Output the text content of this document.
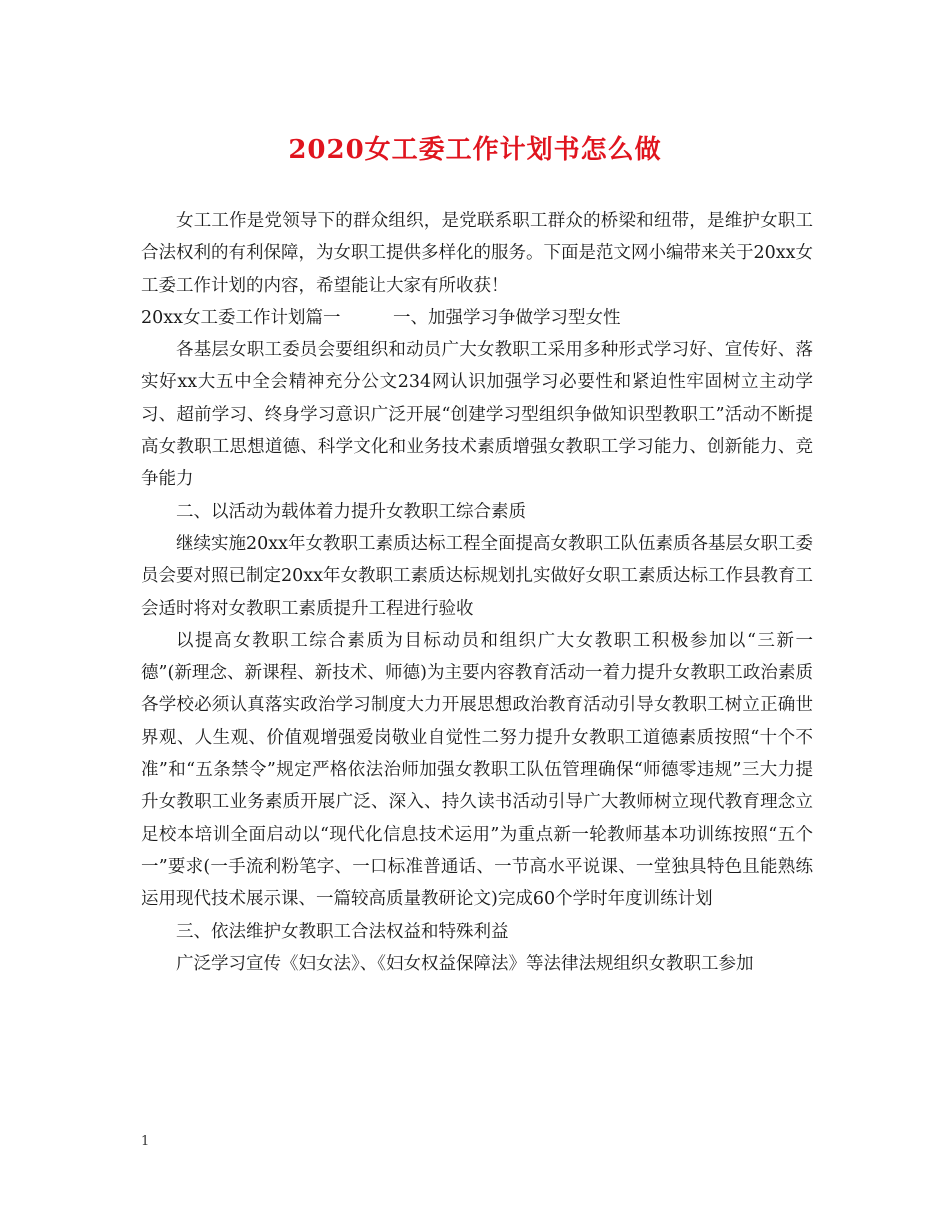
2020女工委工作计划书怎么做

女工工作是党领导下的群众组织，是党联系职工群众的桥梁和纽带，是维护女职工合法权利的有利保障，为女职工提供多样化的服务。下面是范文网小编带来关于20xx女工委工作计划的内容，希望能让大家有所收获！

20xx女工委工作计划篇一　　　一、加强学习争做学习型女性

各基层女职工委员会要组织和动员广大女教职工采用多种形式学习好、宣传好、落实好xx大五中全会精神充分公文234网认识加强学习必要性和紧迫性牢固树立主动学习、超前学习、终身学习意识广泛开展“创建学习型组织争做知识型教职工”活动不断提高女教职工思想道德、科学文化和业务技术素质增强女教职工学习能力、创新能力、竞争能力

二、以活动为载体着力提升女教职工综合素质

继续实施20xx年女教职工素质达标工程全面提高女教职工队伍素质各基层女职工委员会要对照已制定20xx年女教职工素质达标规划扎实做好女职工素质达标工作县教育工会适时将对女教职工素质提升工程进行验收

以提高女教职工综合素质为目标动员和组织广大女教职工积极参加以“三新一德”(新理念、新课程、新技术、师德)为主要内容教育活动一着力提升女教职工政治素质各学校必须认真落实政治学习制度大力开展思想政治教育活动引导女教职工树立正确世界观、人生观、价值观增强爱岗敬业自觉性二努力提升女教职工道德素质按照“十个不准”和“五条禁令”规定严格依法治师加强女教职工队伍管理确保“师德零违规”三大力提升女教职工业务素质开展广泛、深入、持久读书活动引导广大教师树立现代教育理念立足校本培训全面启动以“现代化信息技术运用”为重点新一轮教师基本功训练按照“五个一”要求(一手流利粉笔字、一口标准普通话、一节高水平说课、一堂独具特色且能熟练运用现代技术展示课、一篇较高质量教研论文)完成60个学时年度训练计划

三、依法维护女教职工合法权益和特殊利益

广泛学习宣传《妇女法》、《妇女权益保障法》等法律法规组织女教职工参加

1
